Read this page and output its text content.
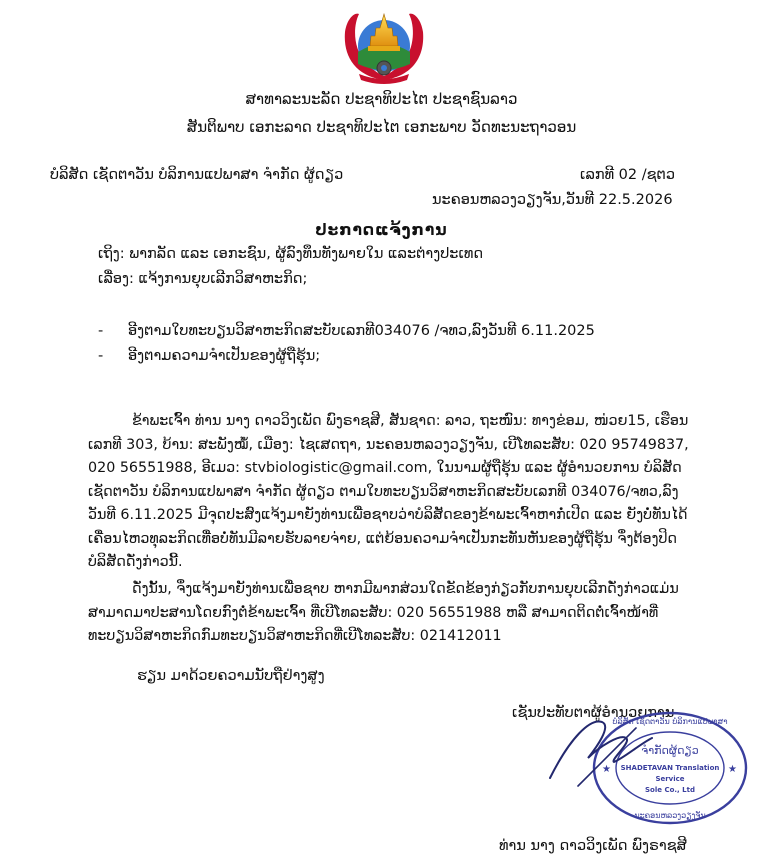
ສາທາລະນະລັດ ປະຊາທິປະໄຕ ປະຊາຊົນລາວ
ສັນຕິພາບ ເອກະລາດ ປະຊາທິປະໄຕ ເອກະພາບ ວັດທະນະຖາວອນ
ບໍລິສັດ ເຊັດຕາວັນ ບໍລິການແປພາສາ ຈຳກັດ ຜູ້ດຽວ	ເລກທີ 02 /ຊຕວ
ນະຄອນຫລວງວຽງຈັນ,ວັນທີ 22.5.2026
ປະກາດແຈ້ງການ
ເຖິງ: ພາກລັດ ແລະ ເອກະຊົນ, ຜູ້ລົງທຶນທັງພາຍໃນ ແລະຕ່າງປະເທດ
ເລື່ອງ: ແຈ້ງການຍຸບເລີກວິສາຫະກິດ;
- ອີງຕາມໃບທະບຽນວິສາຫະກິດສະບັບເລກທີ034076 /ຈທວ,ລົງວັນທີ 6.11.2025
- ອີງຕາມຄວາມຈຳເປັນຂອງຜູ້ຖືຮຸ້ນ;
ຂ້າພະເຈົ້າ ທ່ານ ນາງ ດາວວິງເພັດ ພົງຣາຊສີ, ສັນຊາດ: ລາວ, ຖະໜົນ: ທາງຂ່ອມ, ໜ່ວຍ15, ເຮືອນເລກທີ 303, ບ້ານ: ສະພັງໝໍ້, ເມືອງ: ໄຊເສດຖາ, ນະຄອນຫລວງວຽງຈັນ, ເບີໂທລະສັບ: 020 95749837, 020 56551988, ອີເມວ: stvbiologistic@gmail.com, ໃນນາມຜູ້ຖືຮຸ້ນ ແລະ ຜູ້ອຳນວຍການ ບໍລິສັດ ເຊັດຕາວັນ ບໍລິການແປພາສາ ຈຳກັດ ຜູ້ດຽວ ຕາມໃບທະບຽນວິສາຫະກິດສະບັບເລກທີ 034076/ຈທວ,ລົງວັນທີ 6.11.2025 ມີຈຸດປະສົງແຈ້ງມາຍັງທ່ານເພື່ອຊາບວ່າບໍລິສັດຂອງຂ້າພະເຈົ້າຫາກໍ່ເປີດ ແລະ ຍັງບໍ່ທັນໄດ້ເຄື່ອນໄຫວທຸລະກິດເທື່ອບໍ່ທັນມີລາຍຮັບລາຍຈ່າຍ, ແຕ່ຍ້ອນຄວາມຈຳເປັນກະທັນຫັນຂອງຜູ້ຖືຮຸ້ນ ຈຶ່ງຕ້ອງປິດບໍລິສັດດັ່ງກ່າວນີ້.
ດັ່ງນັ້ນ, ຈຶ່ງແຈ້ງມາຍັງທ່ານເພື່ອຊາບ ຫາກມີພາກສ່ວນໃດຂັດຂ້ອງກ່ຽວກັບການຍຸບເລີກດັ່ງກ່າວແມ່ນສາມາດມາປະສານໂດຍກົງຕໍ່ຂ້າພະເຈົ້າ ທີ່ເບີໂທລະສັບ: 020 56551988 ຫລື ສາມາດຕິດຕໍ່ເຈົ້າໜ້າທີ່ທະບຽນວິສາຫະກິດກົມທະບຽນວິສາຫະກິດທີ່ເບີໂທລະສັບ: 021412011
ຮຽນ ມາດ້ວຍຄວາມນັບຖືຢ່າງສູງ
ເຊັນປະທັບຕາຜູ້ອຳນວຍການ
ບໍລິສັດ ເຊັດຕາວັນ ບໍລິການແປພາສາ
ຈຳກັດຜູ້ດຽວ
SHADETAVAN Translation
Service
Sole Co., Ltd
ນະຄອນຫລວງວຽງຈັນ
★	★
ທ່ານ ນາງ ດາວວິງເພັດ ພົງຣາຊສີ
